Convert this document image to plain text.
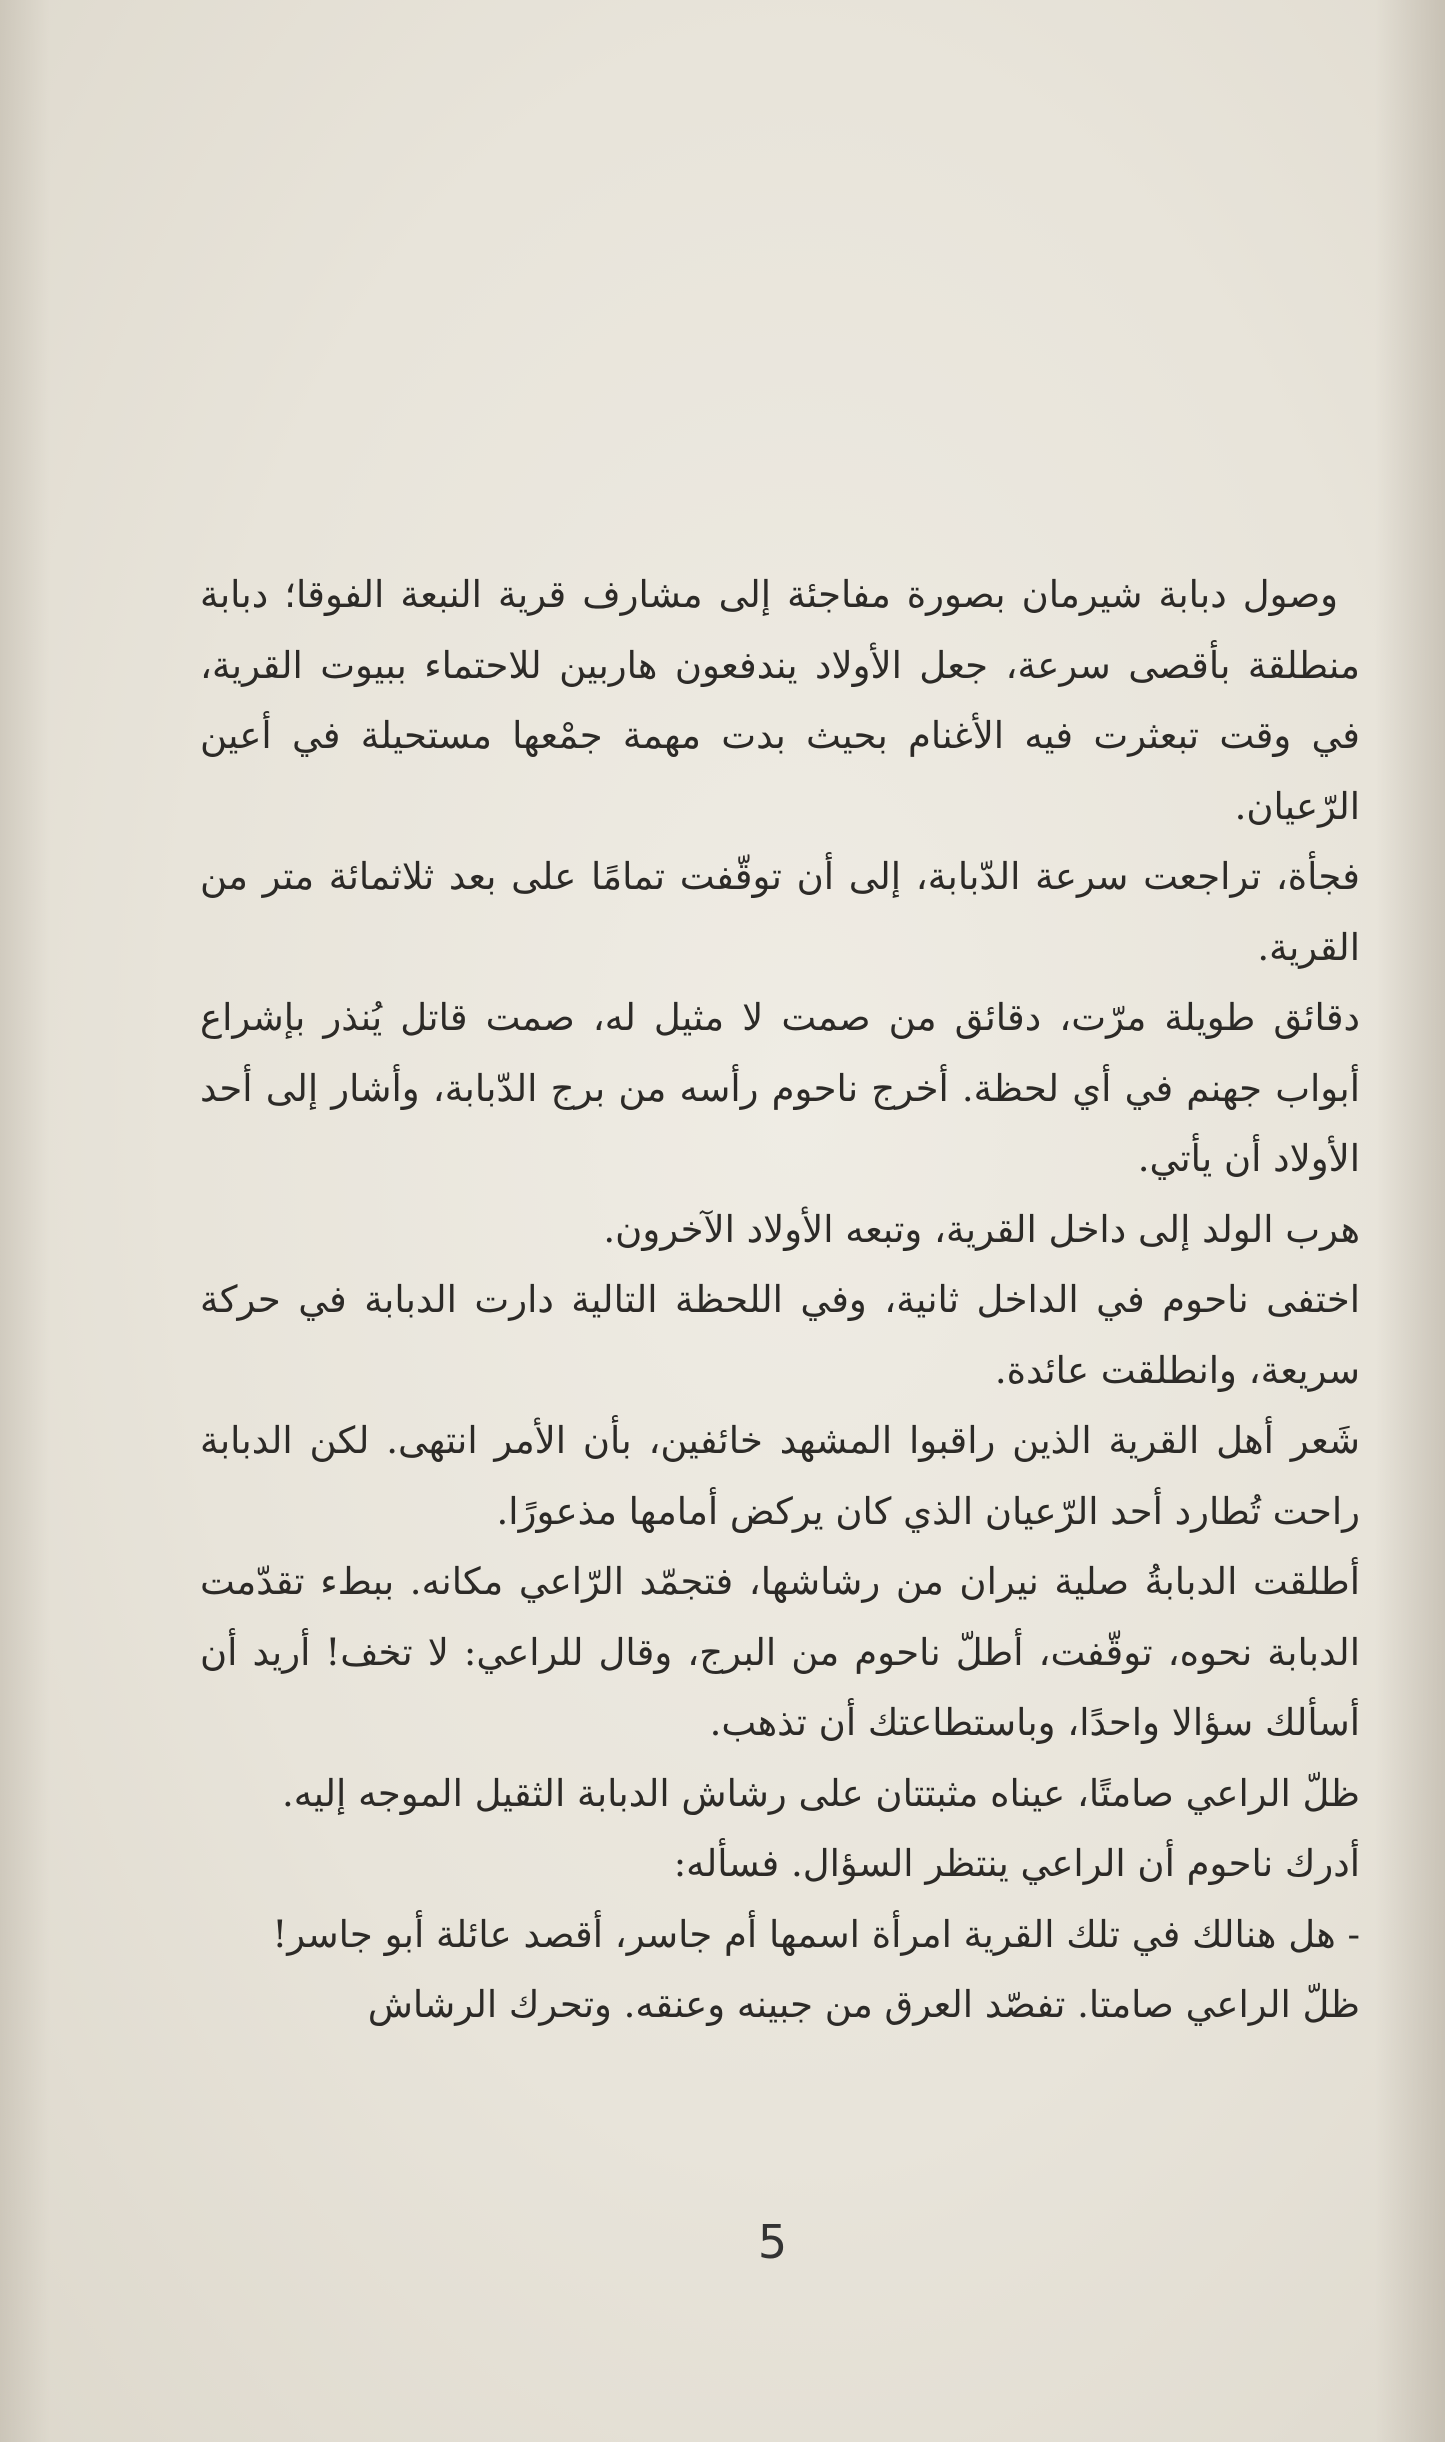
وصول دبابة شيرمان بصورة مفاجئة إلى مشارف قرية النبعة الفوقا؛ دبابة منطلقة بأقصى سرعة، جعل الأولاد يندفعون هاربين للاحتماء ببيوت القرية، في وقت تبعثرت فيه الأغنام بحيث بدت مهمة جمْعها مستحيلة في أعين الرّعيان.

فجأة، تراجعت سرعة الدّبابة، إلى أن توقّفت تمامًا على بعد ثلاثمائة متر من القرية.

دقائق طويلة مرّت، دقائق من صمت لا مثيل له، صمت قاتل يُنذر بإشراع أبواب جهنم في أي لحظة. أخرج ناحوم رأسه من برج الدّبابة، وأشار إلى أحد الأولاد أن يأتي.

هرب الولد إلى داخل القرية، وتبعه الأولاد الآخرون.

اختفى ناحوم في الداخل ثانية، وفي اللحظة التالية دارت الدبابة في حركة سريعة، وانطلقت عائدة.

شَعر أهل القرية الذين راقبوا المشهد خائفين، بأن الأمر انتهى. لكن الدبابة راحت تُطارد أحد الرّعيان الذي كان يركض أمامها مذعورًا.

أطلقت الدبابةُ صلية نيران من رشاشها، فتجمّد الرّاعي مكانه. ببطء تقدّمت الدبابة نحوه، توقّفت، أطلّ ناحوم من البرج، وقال للراعي: لا تخف! أريد أن أسألك سؤالا واحدًا، وباستطاعتك أن تذهب.

ظلّ الراعي صامتًا، عيناه مثبتتان على رشاش الدبابة الثقيل الموجه إليه.

أدرك ناحوم أن الراعي ينتظر السؤال. فسأله:

- هل هنالك في تلك القرية امرأة اسمها أم جاسر، أقصد عائلة أبو جاسر!

ظلّ الراعي صامتا. تفصّد العرق من جبينه وعنقه. وتحرك الرشاش

5
